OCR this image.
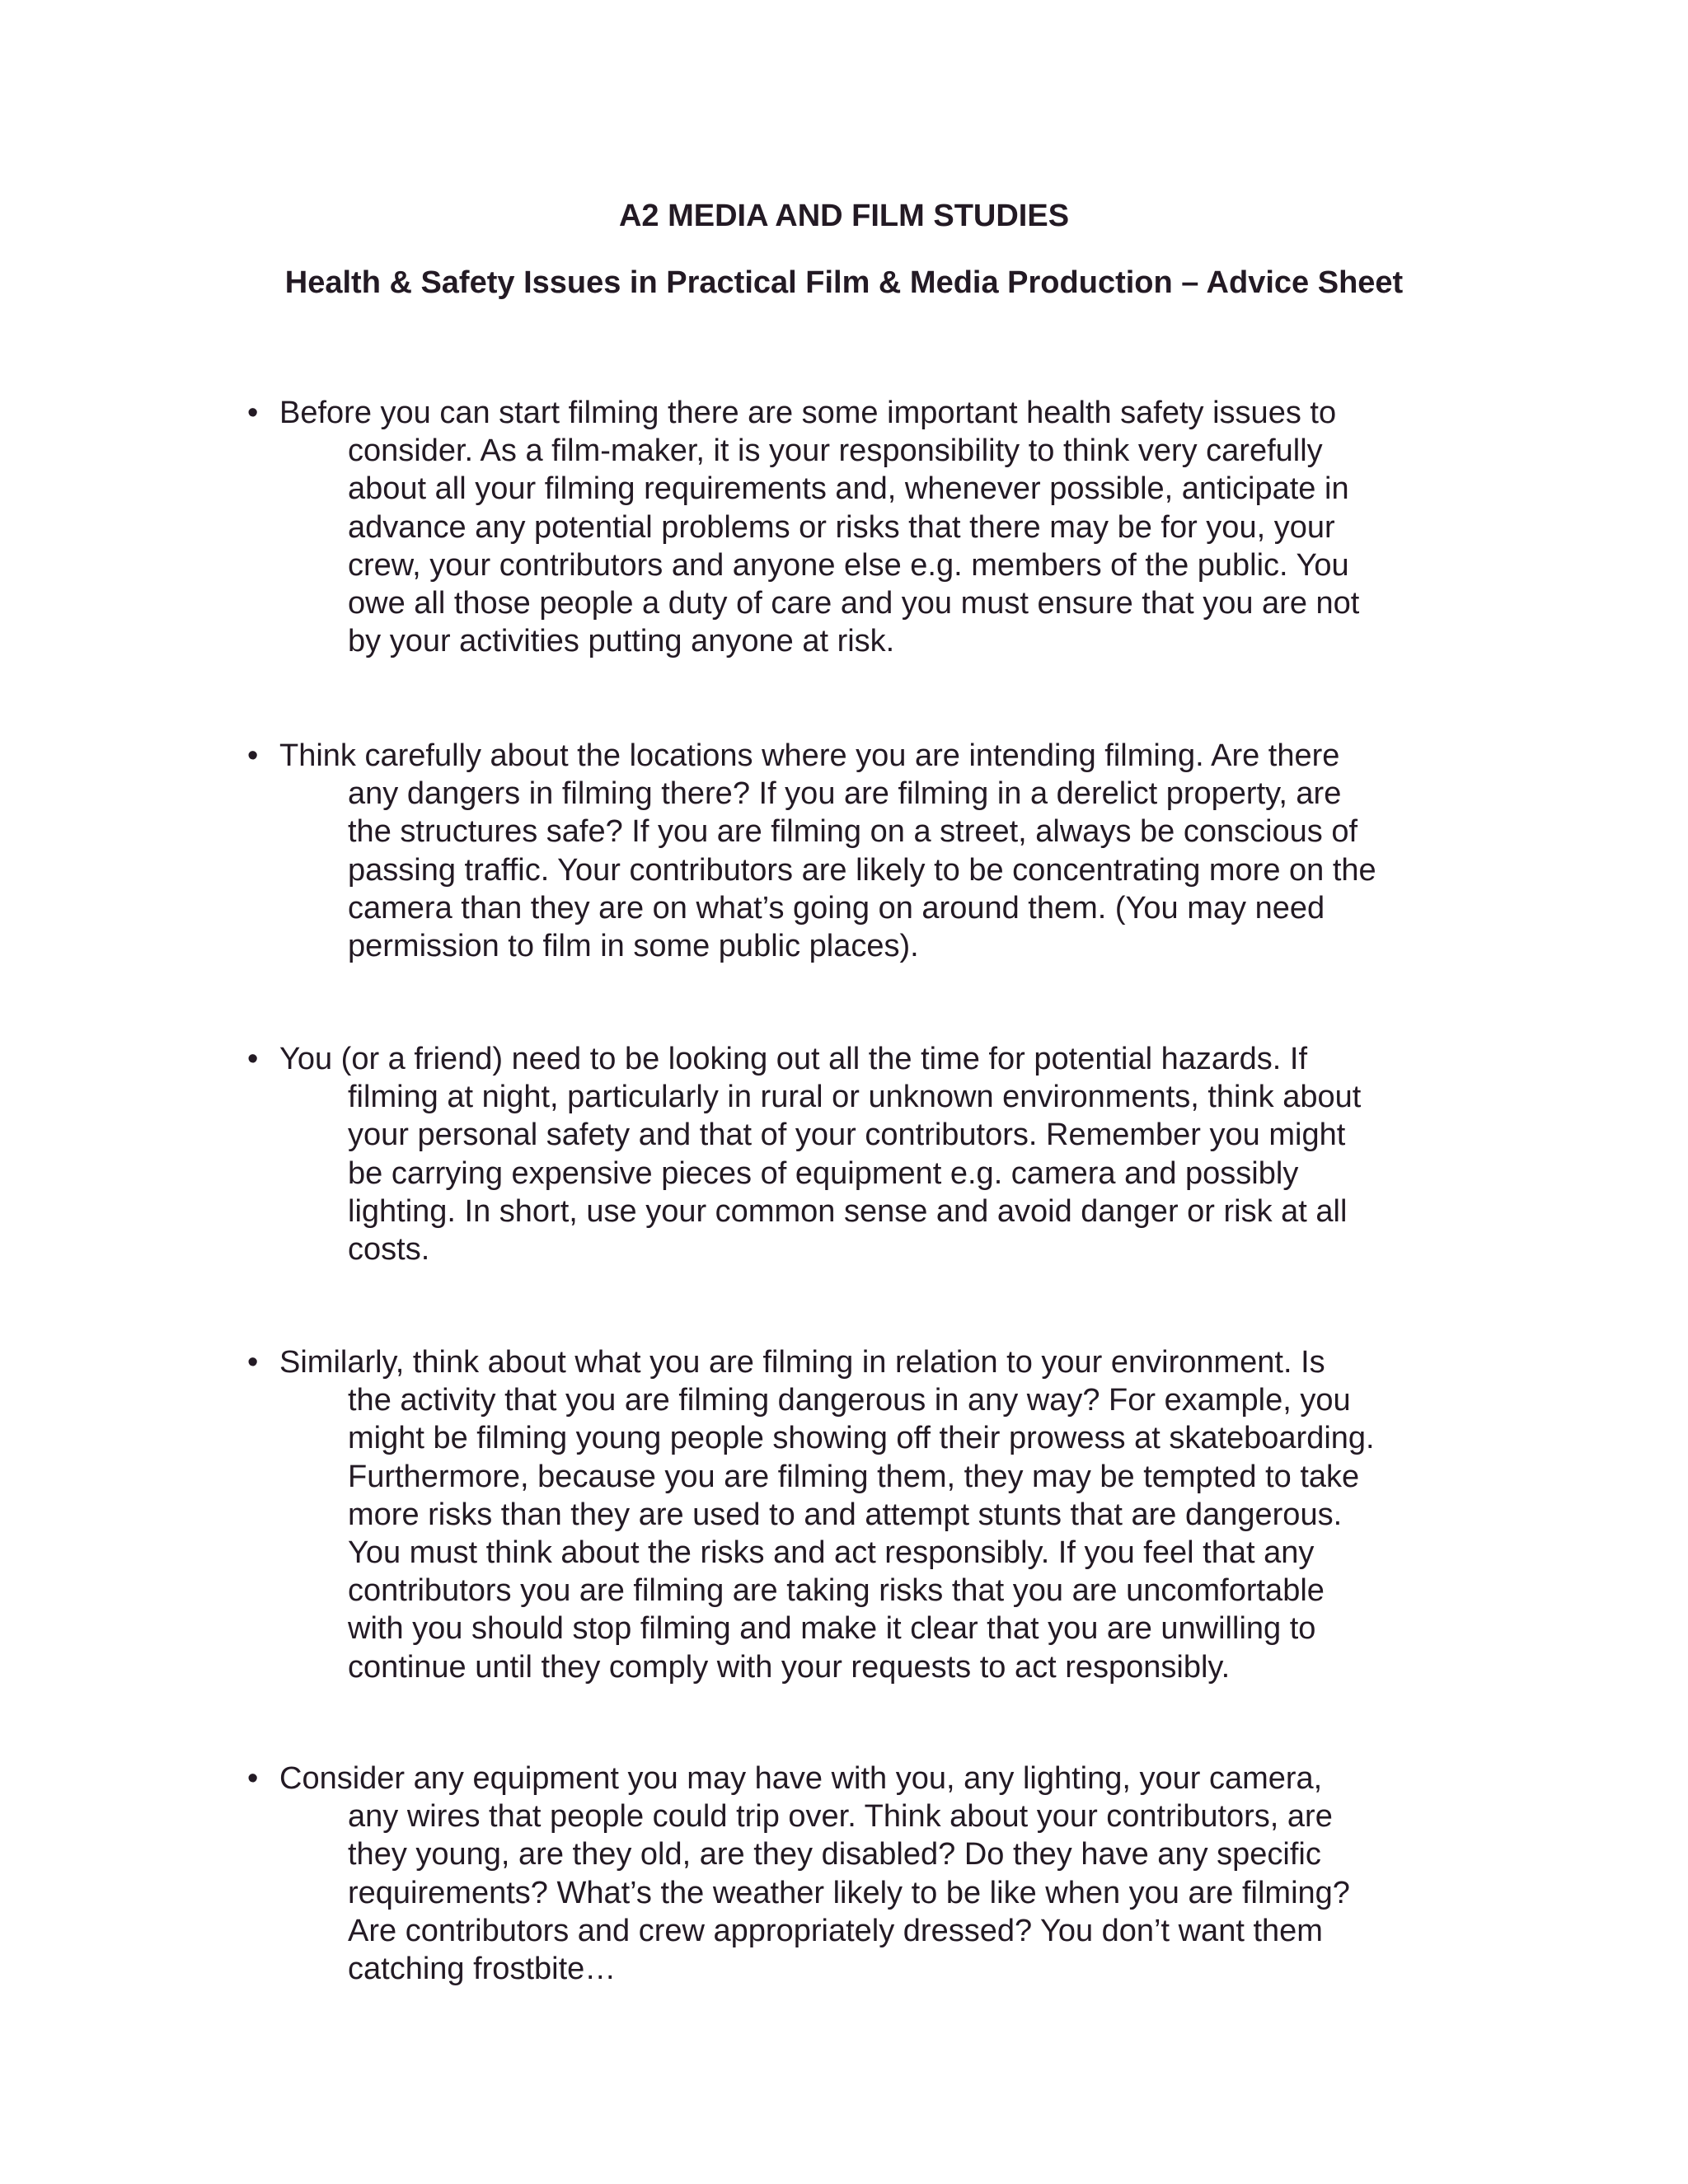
A2 MEDIA AND FILM STUDIES
Health & Safety Issues in Practical Film & Media Production – Advice Sheet
• Before you can start filming there are some important health safety issues to
consider. As a film-maker, it is your responsibility to think very carefully
about all your filming requirements and, whenever possible, anticipate in
advance any potential problems or risks that there may be for you, your
crew, your contributors and anyone else e.g. members of the public. You
owe all those people a duty of care and you must ensure that you are not
by your activities putting anyone at risk.
• Think carefully about the locations where you are intending filming. Are there
any dangers in filming there? If you are filming in a derelict property, are
the structures safe? If you are filming on a street, always be conscious of
passing traffic. Your contributors are likely to be concentrating more on the
camera than they are on what’s going on around them. (You may need
permission to film in some public places).
• You (or a friend) need to be looking out all the time for potential hazards. If
filming at night, particularly in rural or unknown environments, think about
your personal safety and that of your contributors. Remember you might
be carrying expensive pieces of equipment e.g. camera and possibly
lighting. In short, use your common sense and avoid danger or risk at all
costs.
• Similarly, think about what you are filming in relation to your environment. Is
the activity that you are filming dangerous in any way? For example, you
might be filming young people showing off their prowess at skateboarding.
Furthermore, because you are filming them, they may be tempted to take
more risks than they are used to and attempt stunts that are dangerous.
You must think about the risks and act responsibly. If you feel that any
contributors you are filming are taking risks that you are uncomfortable
with you should stop filming and make it clear that you are unwilling to
continue until they comply with your requests to act responsibly.
• Consider any equipment you may have with you, any lighting, your camera,
any wires that people could trip over. Think about your contributors, are
they young, are they old, are they disabled? Do they have any specific
requirements? What’s the weather likely to be like when you are filming?
Are contributors and crew appropriately dressed? You don’t want them
catching frostbite…
